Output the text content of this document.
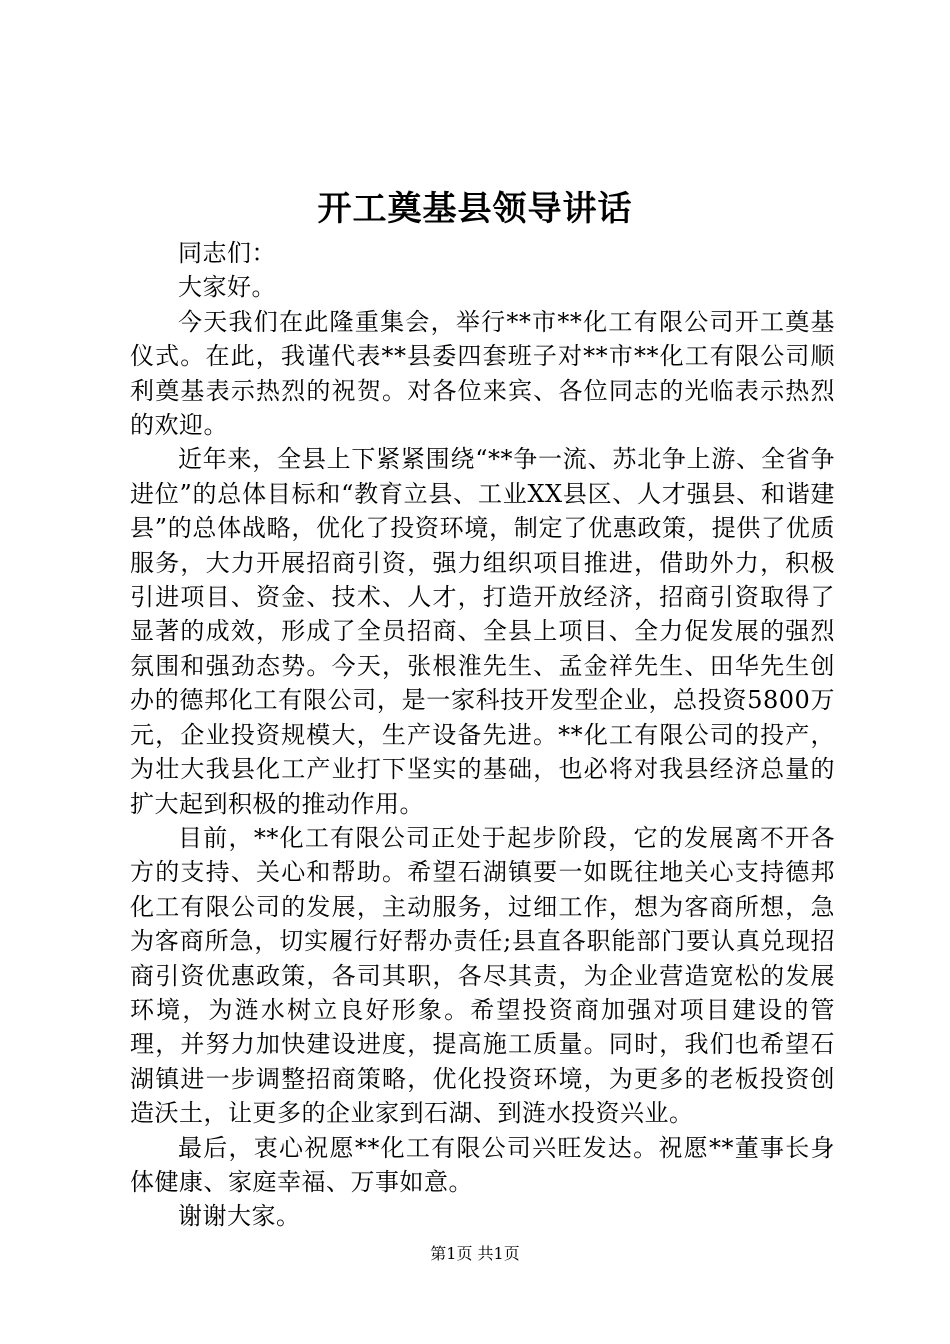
开工奠基县领导讲话

同志们：

大家好。

今天我们在此隆重集会，举行**市**化工有限公司开工奠基仪式。在此，我谨代表**县委四套班子对**市**化工有限公司顺利奠基表示热烈的祝贺。对各位来宾、各位同志的光临表示热烈的欢迎。

近年来，全县上下紧紧围绕“**争一流、苏北争上游、全省争进位”的总体目标和“教育立县、工业XX县区、人才强县、和谐建县”的总体战略，优化了投资环境，制定了优惠政策，提供了优质服务，大力开展招商引资，强力组织项目推进，借助外力，积极引进项目、资金、技术、人才，打造开放经济，招商引资取得了显著的成效，形成了全员招商、全县上项目、全力促发展的强烈氛围和强劲态势。今天，张根淮先生、孟金祥先生、田华先生创办的德邦化工有限公司，是一家科技开发型企业，总投资5800万元，企业投资规模大，生产设备先进。**化工有限公司的投产，为壮大我县化工产业打下坚实的基础，也必将对我县经济总量的扩大起到积极的推动作用。

目前，**化工有限公司正处于起步阶段，它的发展离不开各方的支持、关心和帮助。希望石湖镇要一如既往地关心支持德邦化工有限公司的发展，主动服务，过细工作，想为客商所想，急为客商所急，切实履行好帮办责任;县直各职能部门要认真兑现招商引资优惠政策，各司其职，各尽其责，为企业营造宽松的发展环境，为涟水树立良好形象。希望投资商加强对项目建设的管理，并努力加快建设进度，提高施工质量。同时，我们也希望石湖镇进一步调整招商策略，优化投资环境，为更多的老板投资创造沃土，让更多的企业家到石湖、到涟水投资兴业。

最后，衷心祝愿**化工有限公司兴旺发达。祝愿**董事长身体健康、家庭幸福、万事如意。

谢谢大家。

第1页 共1页
